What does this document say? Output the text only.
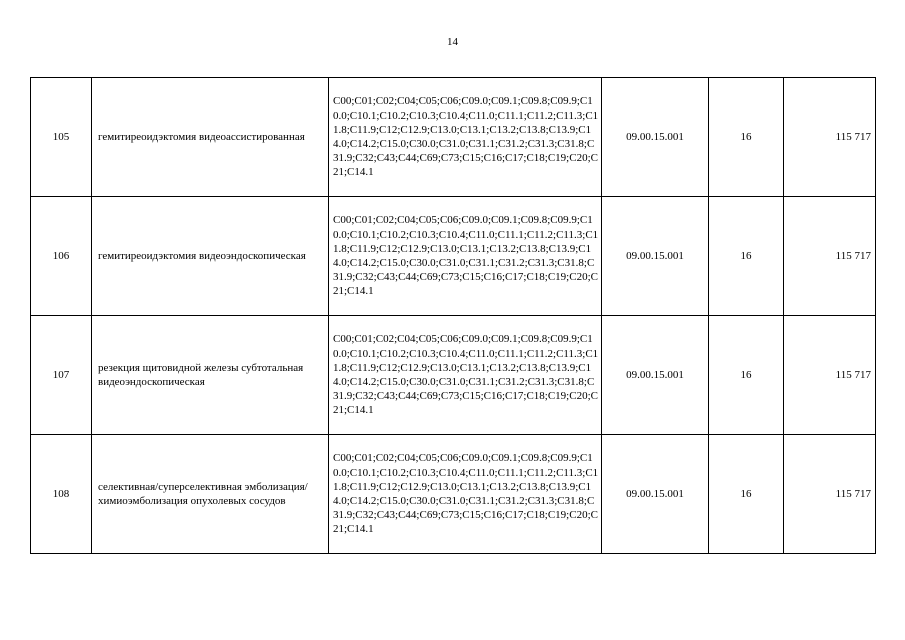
14
105	гемитиреоидэктомия видеоассистированная	C00;C01;C02;C04;C05;C06;C09.0;C09.1;C09.8;C09.9;C10.0;C10.1;C10.2;C10.3;C10.4;C11.0;C11.1;C11.2;C11.3;C11.8;C11.9;C12;C12.9;C13.0;C13.1;C13.2;C13.8;C13.9;C14.0;C14.2;C15.0;C30.0;C31.0;C31.1;C31.2;C31.3;C31.8;C31.9;C32;C43;C44;C69;C73;C15;C16;C17;C18;C19;C20;C21;C14.1	09.00.15.001	16	115 717
106	гемитиреоидэктомия видеоэндоскопическая	C00;C01;C02;C04;C05;C06;C09.0;C09.1;C09.8;C09.9;C10.0;C10.1;C10.2;C10.3;C10.4;C11.0;C11.1;C11.2;C11.3;C11.8;C11.9;C12;C12.9;C13.0;C13.1;C13.2;C13.8;C13.9;C14.0;C14.2;C15.0;C30.0;C31.0;C31.1;C31.2;C31.3;C31.8;C31.9;C32;C43;C44;C69;C73;C15;C16;C17;C18;C19;C20;C21;C14.1	09.00.15.001	16	115 717
107	резекция щитовидной железы субтотальная видеоэндоскопическая	C00;C01;C02;C04;C05;C06;C09.0;C09.1;C09.8;C09.9;C10.0;C10.1;C10.2;C10.3;C10.4;C11.0;C11.1;C11.2;C11.3;C11.8;C11.9;C12;C12.9;C13.0;C13.1;C13.2;C13.8;C13.9;C14.0;C14.2;C15.0;C30.0;C31.0;C31.1;C31.2;C31.3;C31.8;C31.9;C32;C43;C44;C69;C73;C15;C16;C17;C18;C19;C20;C21;C14.1	09.00.15.001	16	115 717
108	селективная/суперселективная эмболизация/химиоэмболизация опухолевых сосудов	C00;C01;C02;C04;C05;C06;C09.0;C09.1;C09.8;C09.9;C10.0;C10.1;C10.2;C10.3;C10.4;C11.0;C11.1;C11.2;C11.3;C11.8;C11.9;C12;C12.9;C13.0;C13.1;C13.2;C13.8;C13.9;C14.0;C14.2;C15.0;C30.0;C31.0;C31.1;C31.2;C31.3;C31.8;C31.9;C32;C43;C44;C69;C73;C15;C16;C17;C18;C19;C20;C21;C14.1	09.00.15.001	16	115 717
